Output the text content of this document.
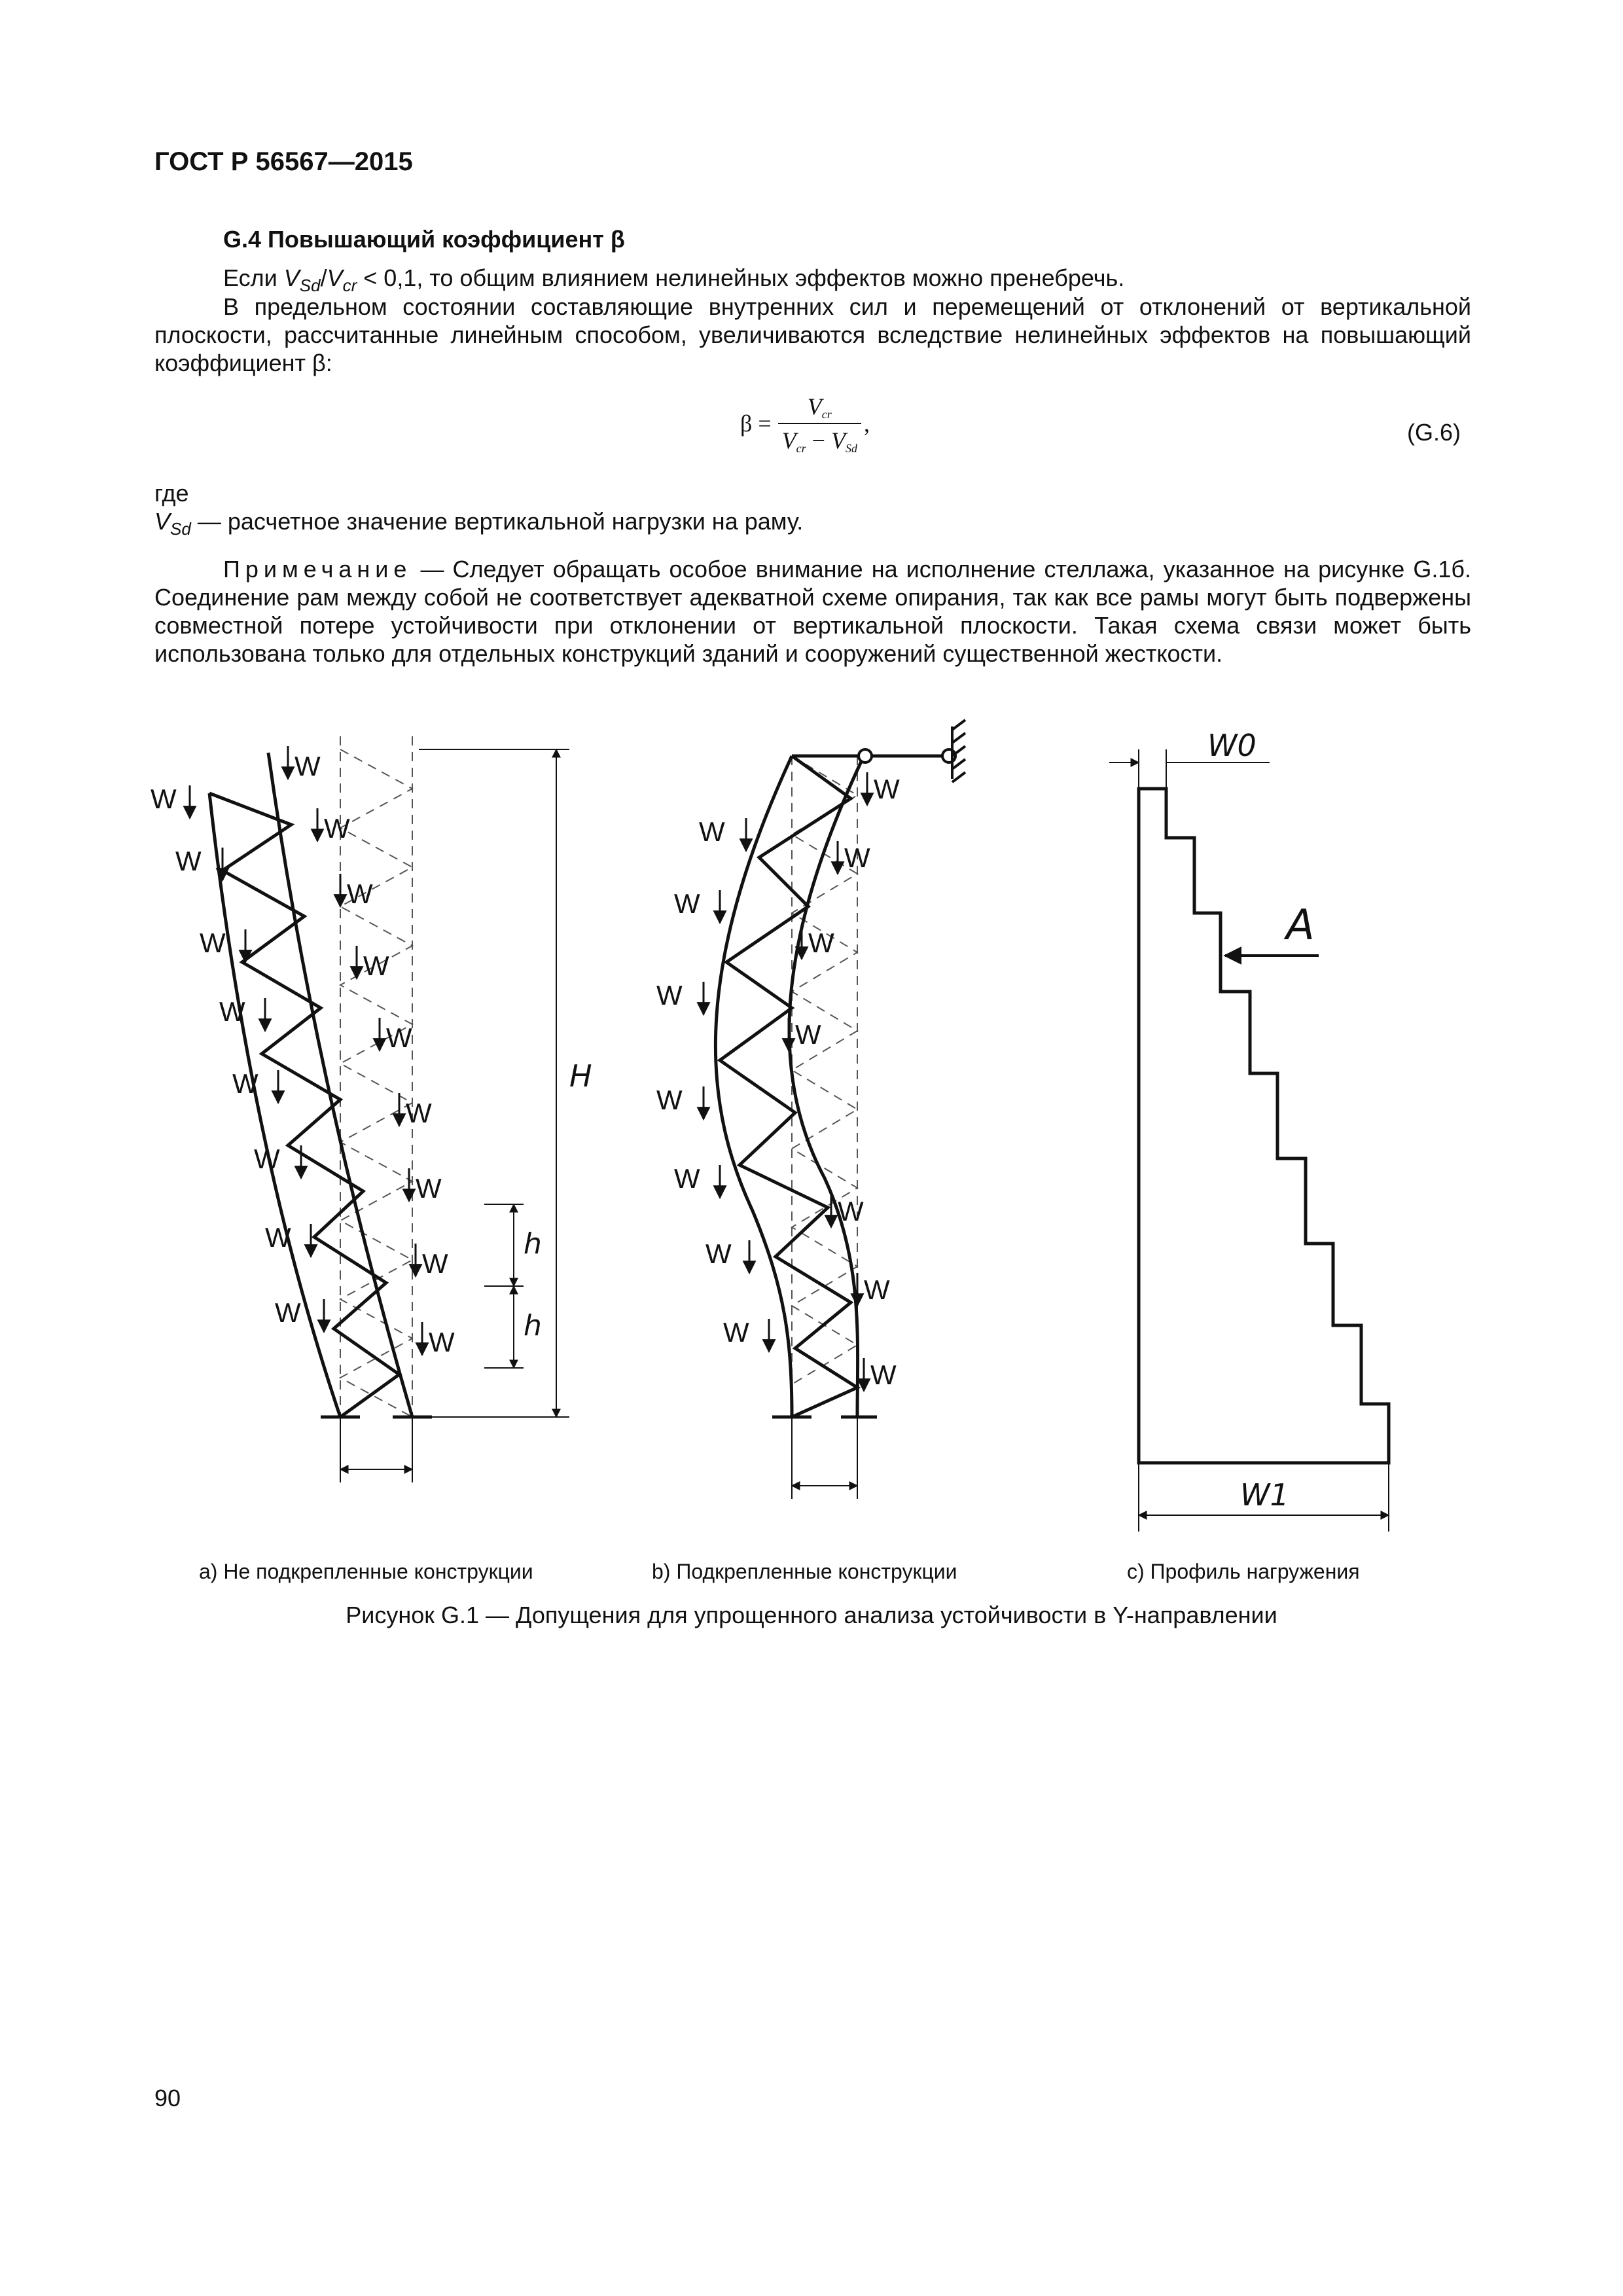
ГОСТ Р 56567—2015
G.4 Повышающий коэффициент β

Если $V_{Sd}/V_{cr} < 0,1$, то общим влиянием нелинейных эффектов можно пренебречь.

В предельном состоянии составляющие внутренних сил и перемещений от отклонений от вертикальной плоскости, рассчитанные линейным способом, увеличиваются вследствие нелинейных эффектов на повышающий коэффициент β:

β =	$V_{cr}$	,
$V_{cr} - V_{Sd}$
(G.6)
где
$V_{Sd}$ — расчетное значение вертикальной нагрузки на раму.

Примечание — Следует обращать особое внимание на исполнение стеллажа, указанное на рисунке G.1б. Соединение рам между собой не соответствует адекватной схеме опирания, так как все рамы могут быть подвержены совместной потере устойчивости при отклонении от вертикальной плоскости. Такая схема связи может быть использована только для отдельных конструкций зданий и сооружений существенной жесткости.

W
W
W
W
W
W
W
W
W
W
W
W
W
W
W
W
W
H
h
h
W
W
W
W
W
W
W
W
W
W
W
W
W
W
W0
A
W1
а) Не подкрепленные конструкции	b) Подкрепленные конструкции	с) Профиль нагружения
Рисунок G.1 — Допущения для упрощенного анализа устойчивости в Y-направлении
90
